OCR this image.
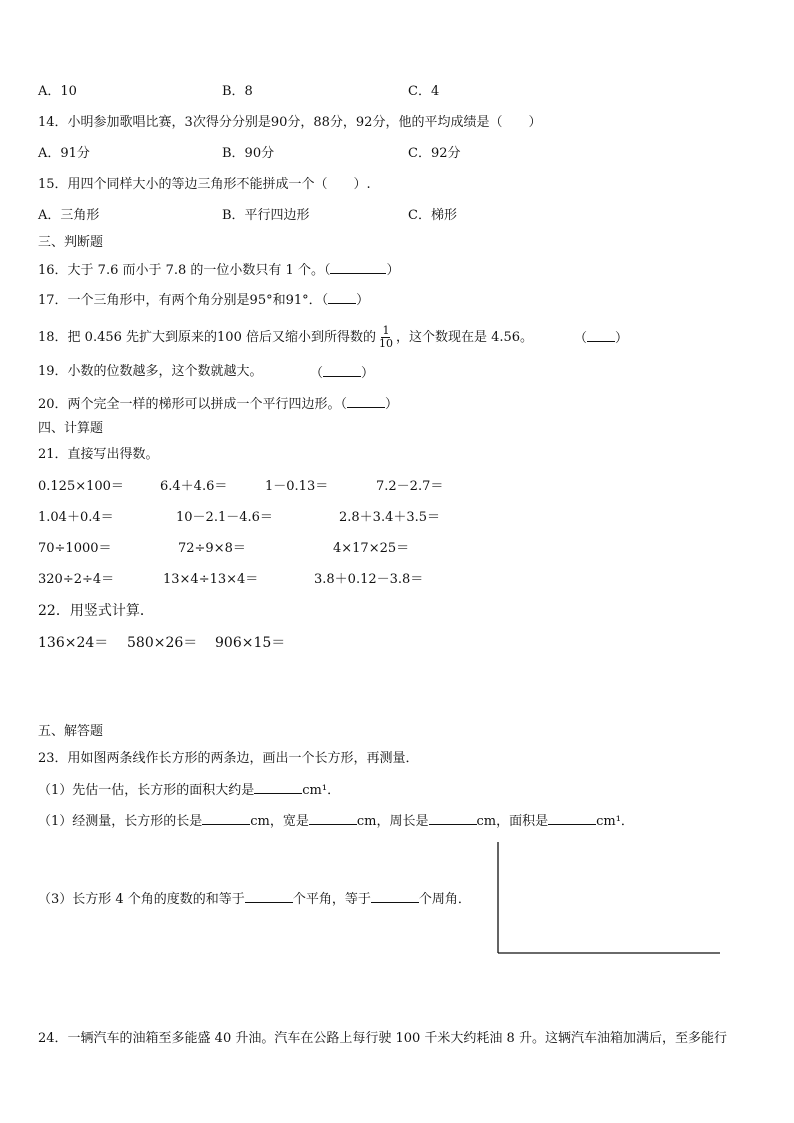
A．10	B．8	C．4
14．小明参加歌唱比赛，3次得分分别是90分，88分，92分，他的平均成绩是（　　）
A．91分	B．90分	C．92分
15．用四个同样大小的等边三角形不能拼成一个（　　）.
A．三角形	B．平行四边形	C．梯形
三、判断题
16．大于 7.6 而小于 7.8 的一位小数只有 1 个。（	）
17．一个三角形中，有两个角分别是95°和91°．（ ）
18．把 0.456 先扩大到原来的100 倍后又缩小到所得数的 $\frac{1}{10}$ ，这个数现在是 4.56。	（ ）
19．小数的位数越多，这个数就越大。	（	）
20．两个完全一样的梯形可以拼成一个平行四边形。（	）
四、计算题
21．直接写出得数。
0.125×100＝	6.4＋4.6＝	1－0.13＝	7.2－2.7＝
1.04＋0.4＝	10－2.1－4.6＝	2.8＋3.4＋3.5＝
70÷1000＝	72÷9×8＝	4×17×25＝
320÷2÷4＝	13×4÷13×4＝	3.8＋0.12－3.8＝
22．用竖式计算．
136×24＝ 580×26＝ 906×15＝
五、解答题
23．用如图两条线作长方形的两条边，画出一个长方形，再测量．
（1）先估一估，长方形的面积大约是	cm¹．
（1）经测量，长方形的长是	cm，宽是	cm，周长是	cm，面积是	cm¹．
（3）长方形 4 个角的度数的和等于	个平角，等于	个周角．
24．一辆汽车的油箱至多能盛 40 升油。汽车在公路上每行驶 100 千米大约耗油 8 升。这辆汽车油箱加满后，至多能行
